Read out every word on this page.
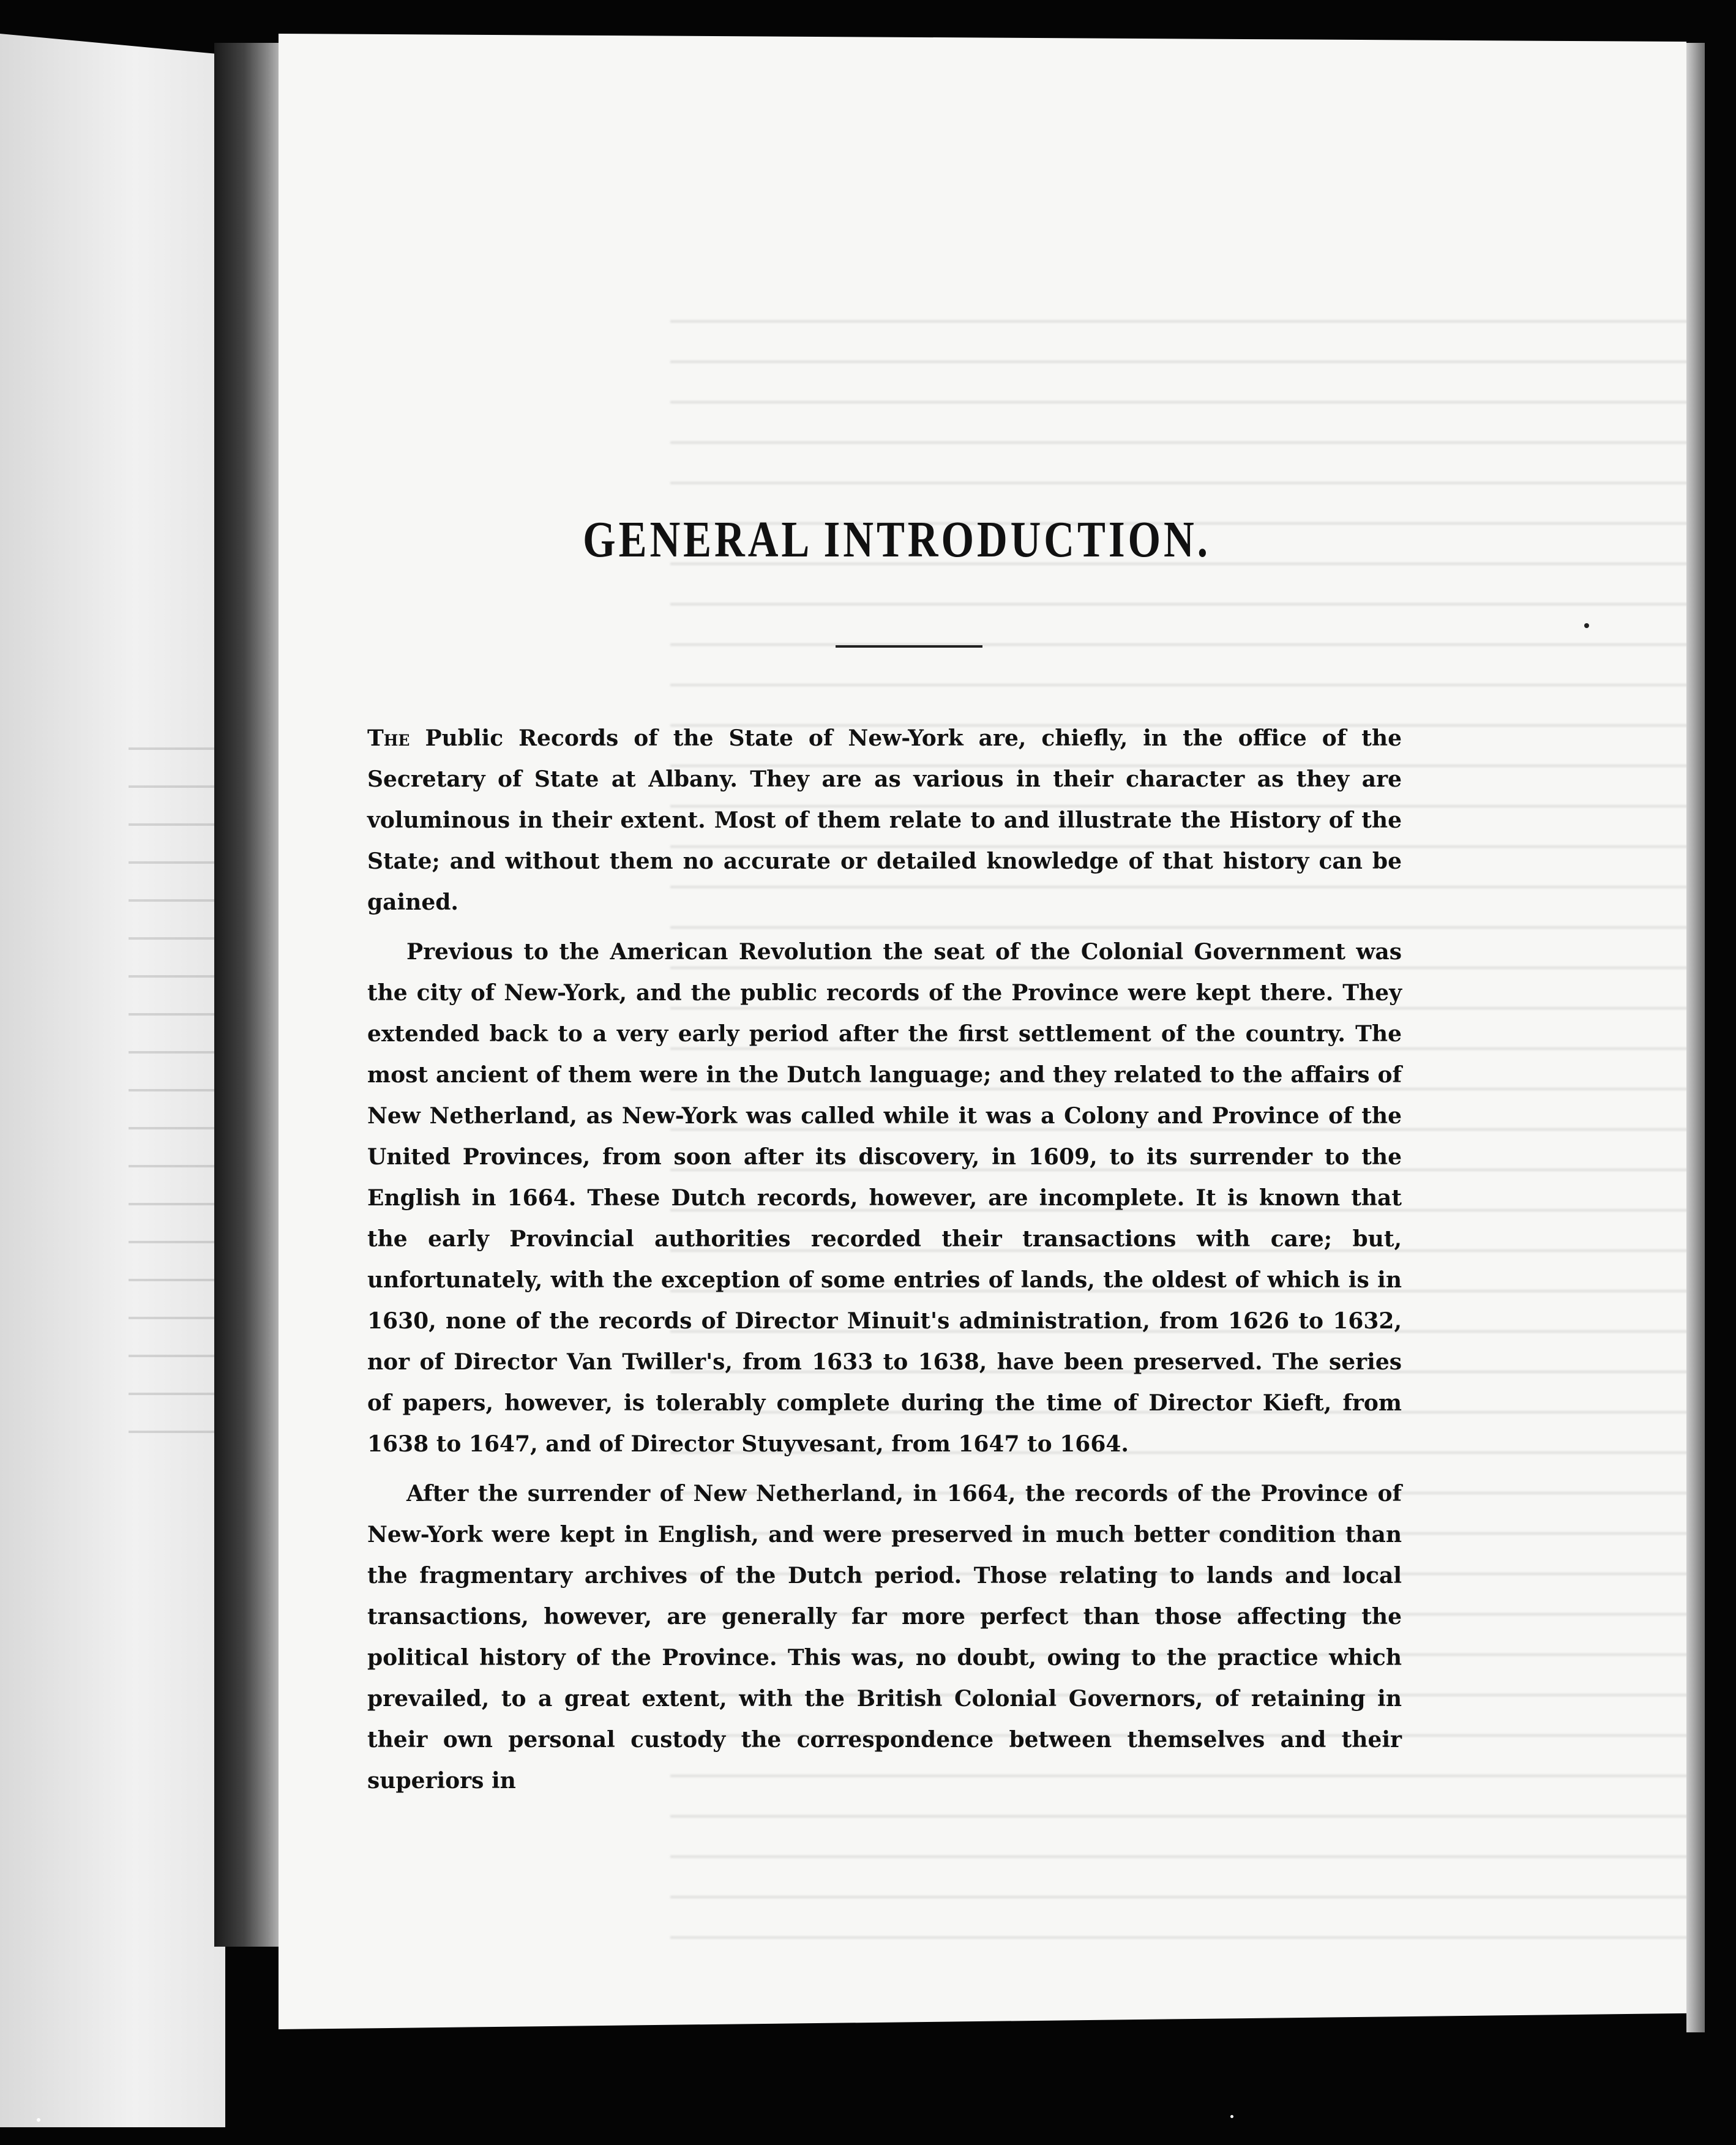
GENERAL INTRODUCTION.

The Public Records of the State of New-York are, chiefly, in the office of the Secretary of State at Albany. They are as various in their character as they are voluminous in their extent. Most of them relate to and illustrate the History of the State; and without them no accurate or detailed knowledge of that history can be gained.

Previous to the American Revolution the seat of the Colonial Government was the city of New-York, and the public records of the Province were kept there. They extended back to a very early period after the first settlement of the country. The most ancient of them were in the Dutch language; and they related to the affairs of New Netherland, as New-York was called while it was a Colony and Province of the United Provinces, from soon after its discovery, in 1609, to its surrender to the English in 1664. These Dutch records, however, are incomplete. It is known that the early Provincial authorities recorded their transactions with care; but, unfortunately, with the exception of some entries of lands, the oldest of which is in 1630, none of the records of Director Minuit's administration, from 1626 to 1632, nor of Director Van Twiller's, from 1633 to 1638, have been preserved. The series of papers, however, is tolerably complete during the time of Director Kieft, from 1638 to 1647, and of Director Stuyvesant, from 1647 to 1664.

After the surrender of New Netherland, in 1664, the records of the Province of New-York were kept in English, and were preserved in much better condition than the fragmentary archives of the Dutch period. Those relating to lands and local transactions, however, are generally far more perfect than those affecting the political history of the Province. This was, no doubt, owing to the practice which prevailed, to a great extent, with the British Colonial Governors, of retaining in their own personal custody the correspondence between themselves and their superiors in
